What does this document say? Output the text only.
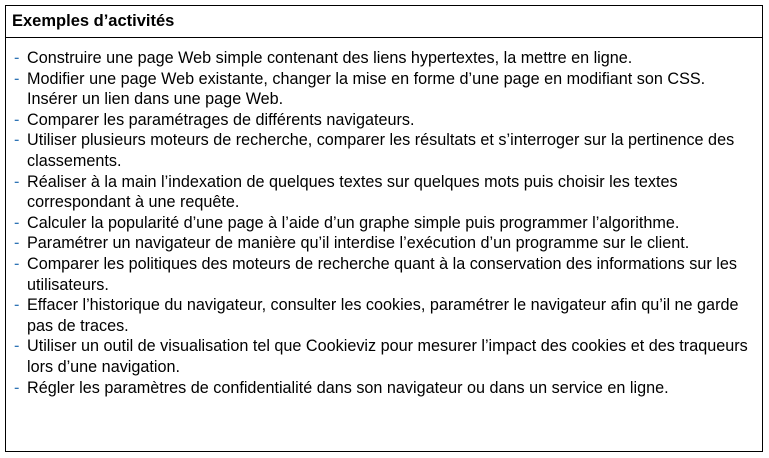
Exemples d’activités
- Construire une page Web simple contenant des liens hypertextes, la mettre en ligne.
- Modifier une page Web existante, changer la mise en forme d’une page en modifiant son CSS. Insérer un lien dans une page Web.
- Comparer les paramétrages de différents navigateurs.
- Utiliser plusieurs moteurs de recherche, comparer les résultats et s’interroger sur la pertinence des classements.
- Réaliser à la main l’indexation de quelques textes sur quelques mots puis choisir les textes correspondant à une requête.
- Calculer la popularité d’une page à l’aide d’un graphe simple puis programmer l’algorithme.
- Paramétrer un navigateur de manière qu’il interdise l’exécution d’un programme sur le client.
- Comparer les politiques des moteurs de recherche quant à la conservation des informations sur les utilisateurs.
- Effacer l’historique du navigateur, consulter les cookies, paramétrer le navigateur afin qu’il ne garde pas de traces.
- Utiliser un outil de visualisation tel que Cookieviz pour mesurer l’impact des cookies et des traqueurs lors d’une navigation.
- Régler les paramètres de confidentialité dans son navigateur ou dans un service en ligne.
